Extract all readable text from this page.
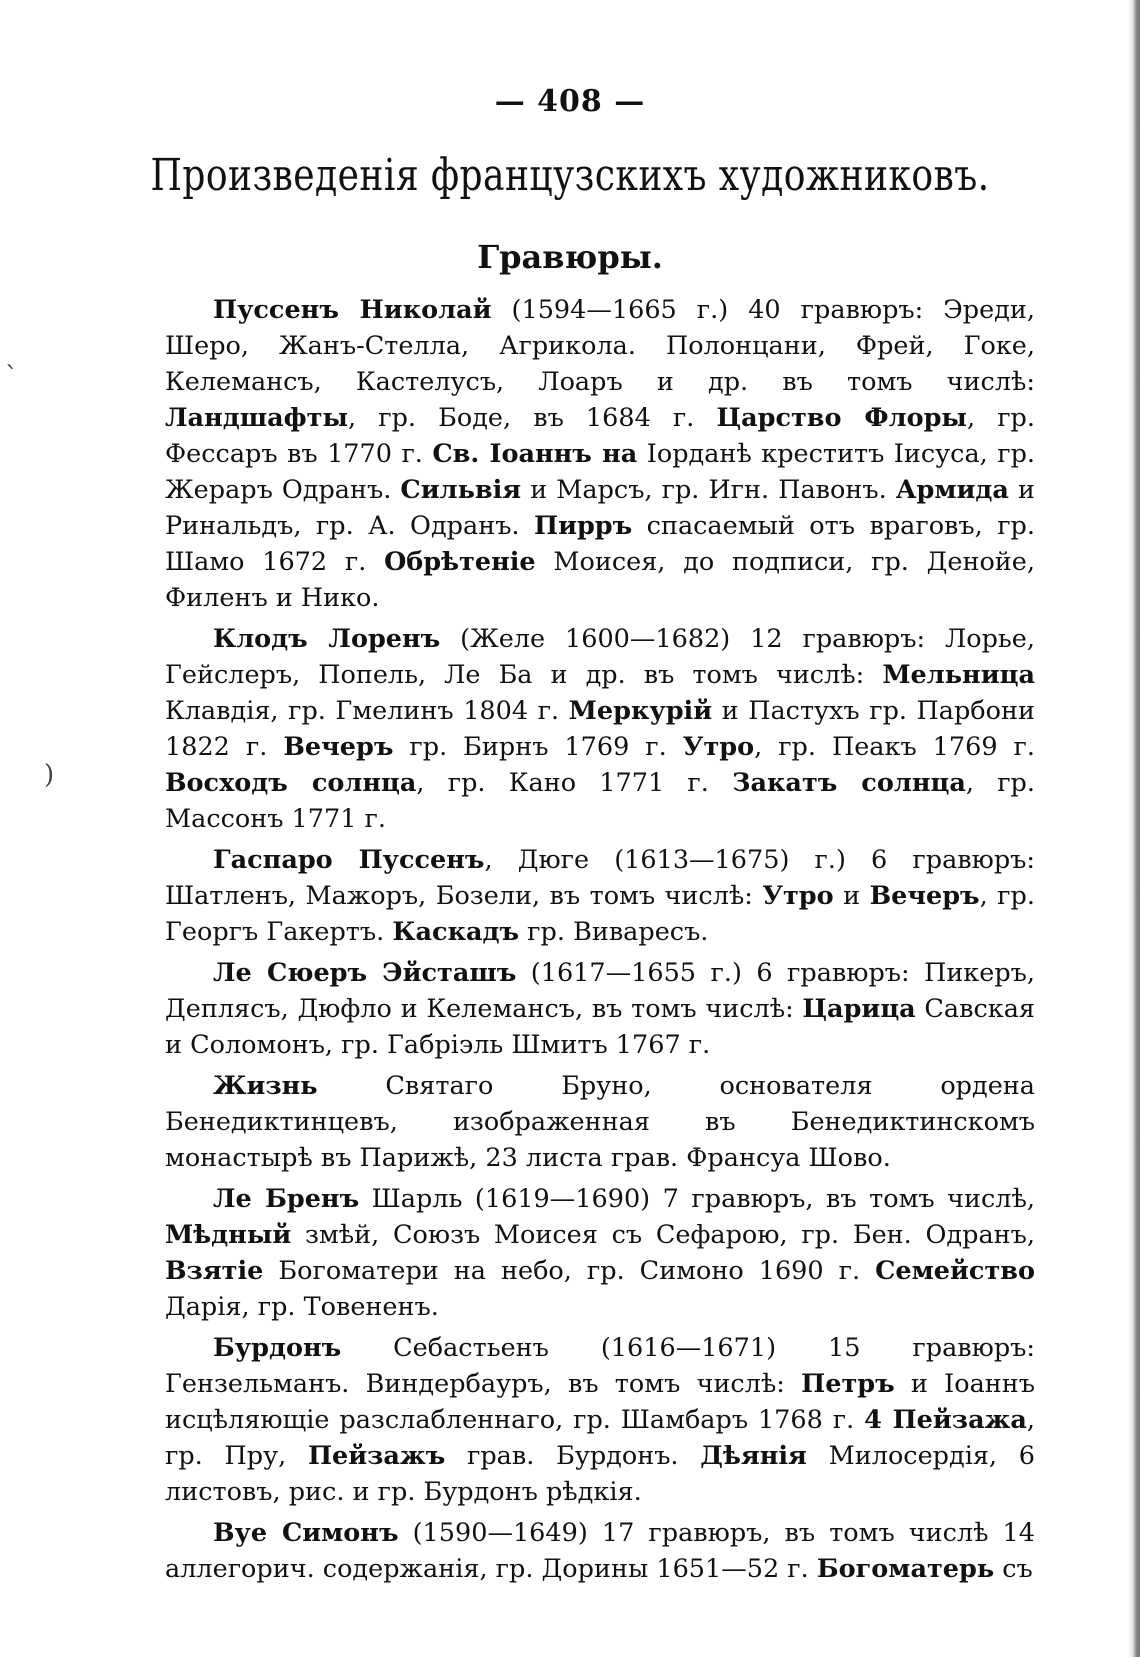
ˋ
)
— 408 —
Произведенія французскихъ художниковъ.
Гравюры.

Пуссенъ Николай (1594—1665 г.) 40 гравюръ: Эреди, Шеро, Жанъ-Стелла, Агрикола. Полонцани, Фрей, Гоке, Келемансъ, Кастелусъ, Лоаръ и др. въ томъ числѣ: Ландшафты, гр. Боде, въ 1684 г. Царство Флоры, гр. Фессаръ въ 1770 г. Св. Іоаннъ на Іорданѣ креститъ Іисуса, гр. Жераръ Одранъ. Сильвія и Марсъ, гр. Игн. Павонъ. Армида и Ринальдъ, гр. А. Одранъ. Пирръ спасаемый отъ враговъ, гр. Шамо 1672 г. Обрѣтеніе Моисея, до подписи, гр. Денойе, Филенъ и Нико.

Клодъ Лоренъ (Желе 1600—1682) 12 гравюръ: Лорье, Гейслеръ, Попель, Ле Ба и др. въ томъ числѣ: Мельница Клавдія, гр. Гмелинъ 1804 г. Меркурій и Пастухъ гр. Парбони 1822 г. Вечеръ гр. Бирнъ 1769 г. Утро, гр. Пеакъ 1769 г. Восходъ солнца, гр. Кано 1771 г. Закатъ солнца, гр. Массонъ 1771 г.

Гаспаро Пуссенъ, Дюге (1613—1675) г.) 6 гравюръ: Шатленъ, Мажоръ, Бозели, въ томъ числѣ: Утро и Вечеръ, гр. Георгъ Гакертъ. Каскадъ гр. Виваресъ.

Ле Сюеръ Эйсташъ (1617—1655 г.) 6 гравюръ: Пикеръ, Деплясъ, Дюфло и Келемансъ, въ томъ числѣ: Царица Савская и Соломонъ, гр. Габріэль Шмитъ 1767 г.

Жизнь Святаго Бруно, основателя ордена Бенедиктинцевъ, изображенная въ Бенедиктинскомъ монастырѣ въ Парижѣ, 23 листа грав. Франсуа Шово.

Ле Бренъ Шарль (1619—1690) 7 гравюръ, въ томъ числѣ, Мѣдный змѣй, Союзъ Моисея съ Сефарою, гр. Бен. Одранъ, Взятіе Богоматери на небо, гр. Симоно 1690 г. Семейство Дарія, гр. Товененъ.

Бурдонъ Себастьенъ (1616—1671) 15 гравюръ: Гензельманъ. Виндербауръ, въ томъ числѣ: Петръ и Іоаннъ исцѣляющіе разслабленнаго, гр. Шамбаръ 1768 г. 4 Пейзажа, гр. Пру, Пейзажъ грав. Бурдонъ. Дѣянія Милосердія, 6 листовъ, рис. и гр. Бурдонъ рѣдкія.

Вуе Симонъ (1590—1649) 17 гравюръ, въ томъ числѣ 14 аллегорич. содержанія, гр. Дорины 1651—52 г. Богоматерь съ
